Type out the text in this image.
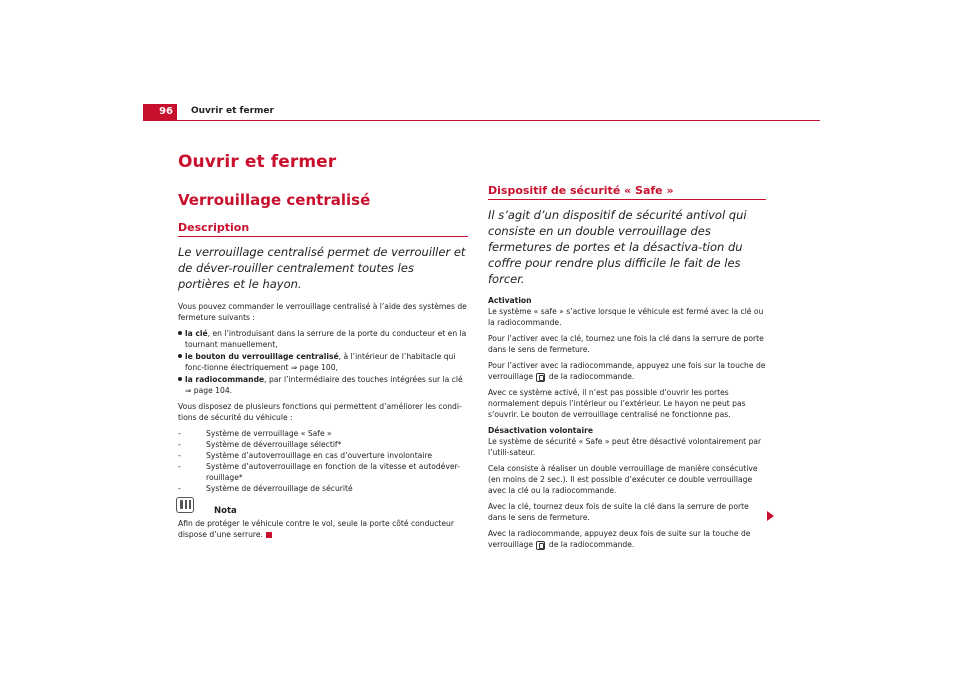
96	Ouvrir et fermer
Ouvrir et fermer
Verrouillage centralisé
Description
Le verrouillage centralisé permet de verrouiller et de déver-rouiller centralement toutes les portières et le hayon.

Vous pouvez commander le verrouillage centralisé à l’aide des systèmes de fermeture suivants :

la clé, en l’introduisant dans la serrure de la porte du conducteur et en la tournant manuellement,
le bouton du verrouillage centralisé, à l’intérieur de l’habitacle qui fonc-tionne électriquement ⇒ page 100,
la radiocommande, par l’intermédiaire des touches intégrées sur la clé ⇒ page 104.

Vous disposez de plusieurs fonctions qui permettent d’améliorer les condi-tions de sécurité du véhicule :

-	Système de verrouillage « Safe »
-	Système de déverrouillage sélectif*
-	Système d’autoverrouillage en cas d’ouverture involontaire
-	Système d’autoverrouillage en fonction de la vitesse et autodéver-rouillage*
-	Système de déverrouillage de sécurité
Nota
Afin de protéger le véhicule contre le vol, seule la porte côté conducteur dispose d’une serrure.
Dispositif de sécurité « Safe »
Il s’agit d’un dispositif de sécurité antivol qui consiste en un double verrouillage des fermetures de portes et la désactiva-tion du coffre pour rendre plus difficile le fait de les forcer.
Activation

Le système « safe » s’active lorsque le véhicule est fermé avec la clé ou la radiocommande.

Pour l’activer avec la clé, tournez une fois la clé dans la serrure de porte dans le sens de fermeture.

Pour l’activer avec la radiocommande, appuyez une fois sur la touche de verrouillage de la radiocommande.

Avec ce système activé, il n’est pas possible d’ouvrir les portes normalement depuis l’intérieur ou l’extérieur. Le hayon ne peut pas s’ouvrir. Le bouton de verrouillage centralisé ne fonctionne pas.

Désactivation volontaire

Le système de sécurité « Safe » peut être désactivé volontairement par l’utili-sateur.

Cela consiste à réaliser un double verrouillage de manière consécutive (en moins de 2 sec.). Il est possible d’exécuter ce double verrouillage avec la clé ou la radiocommande.

Avec la clé, tournez deux fois de suite la clé dans la serrure de porte dans le sens de fermeture.

Avec la radiocommande, appuyez deux fois de suite sur la touche de verrouillage de la radiocommande.
